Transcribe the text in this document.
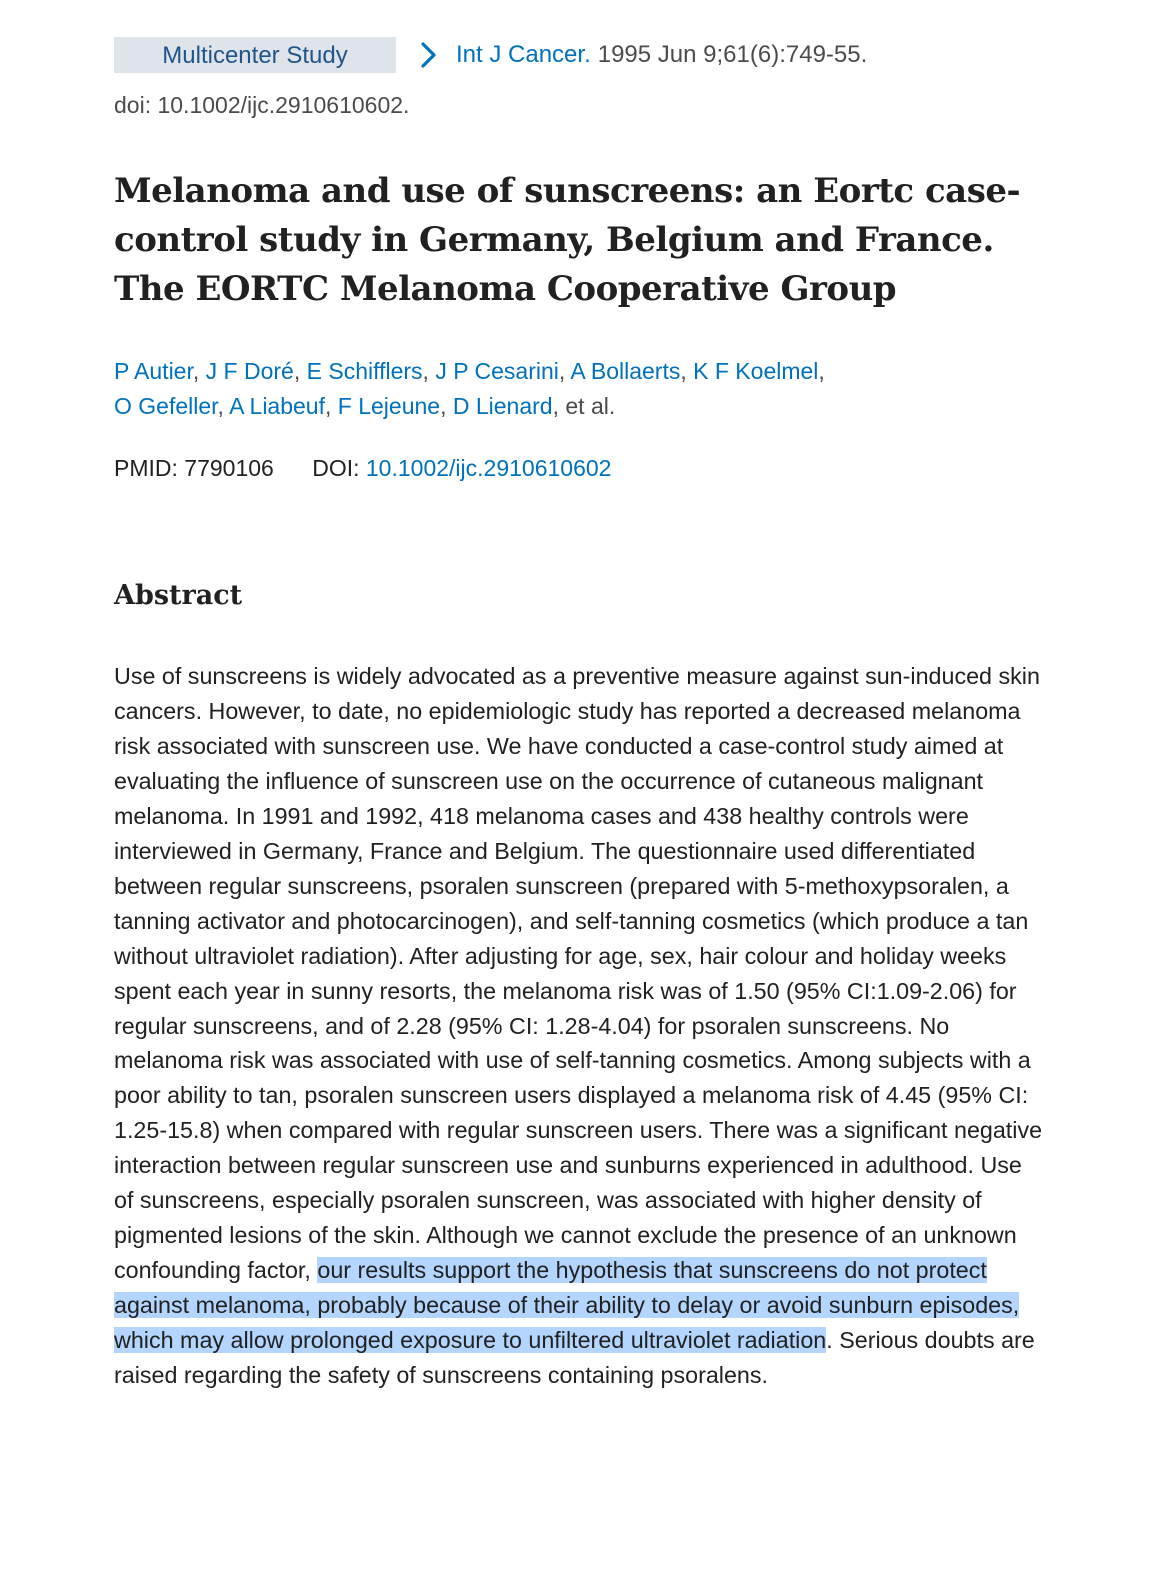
Multicenter Study	Int J Cancer. 1995 Jun 9;61(6):749-55.
doi: 10.1002/ijc.2910610602.
Melanoma and use of sunscreens: an Eortc case-control study in Germany, Belgium and France. The EORTC Melanoma Cooperative Group
P Autier, J F Doré, E Schifflers, J P Cesarini, A Bollaerts, K F Koelmel,
O Gefeller, A Liabeuf, F Lejeune, D Lienard, et al.
PMID: 7790106 DOI: 10.1002/ijc.2910610602
Abstract

Use of sunscreens is widely advocated as a preventive measure against sun-induced skin cancers. However, to date, no epidemiologic study has reported a decreased melanoma risk associated with sunscreen use. We have conducted a case-control study aimed at evaluating the influence of sunscreen use on the occurrence of cutaneous malignant melanoma. In 1991 and 1992, 418 melanoma cases and 438 healthy controls were interviewed in Germany, France and Belgium. The questionnaire used differentiated between regular sunscreens, psoralen sunscreen (prepared with 5-methoxypsoralen, a tanning activator and photocarcinogen), and self-tanning cosmetics (which produce a tan without ultraviolet radiation). After adjusting for age, sex, hair colour and holiday weeks spent each year in sunny resorts, the melanoma risk was of 1.50 (95% CI:1.09-2.06) for regular sunscreens, and of 2.28 (95% CI: 1.28-4.04) for psoralen sunscreens. No melanoma risk was associated with use of self-tanning cosmetics. Among subjects with a poor ability to tan, psoralen sunscreen users displayed a melanoma risk of 4.45 (95% CI: 1.25-15.8) when compared with regular sunscreen users. There was a significant negative interaction between regular sunscreen use and sunburns experienced in adulthood. Use of sunscreens, especially psoralen sunscreen, was associated with higher density of pigmented lesions of the skin. Although we cannot exclude the presence of an unknown confounding factor, our results support the hypothesis that sunscreens do not protect against melanoma, probably because of their ability to delay or avoid sunburn episodes, which may allow prolonged exposure to unfiltered ultraviolet radiation. Serious doubts are raised regarding the safety of sunscreens containing psoralens.
